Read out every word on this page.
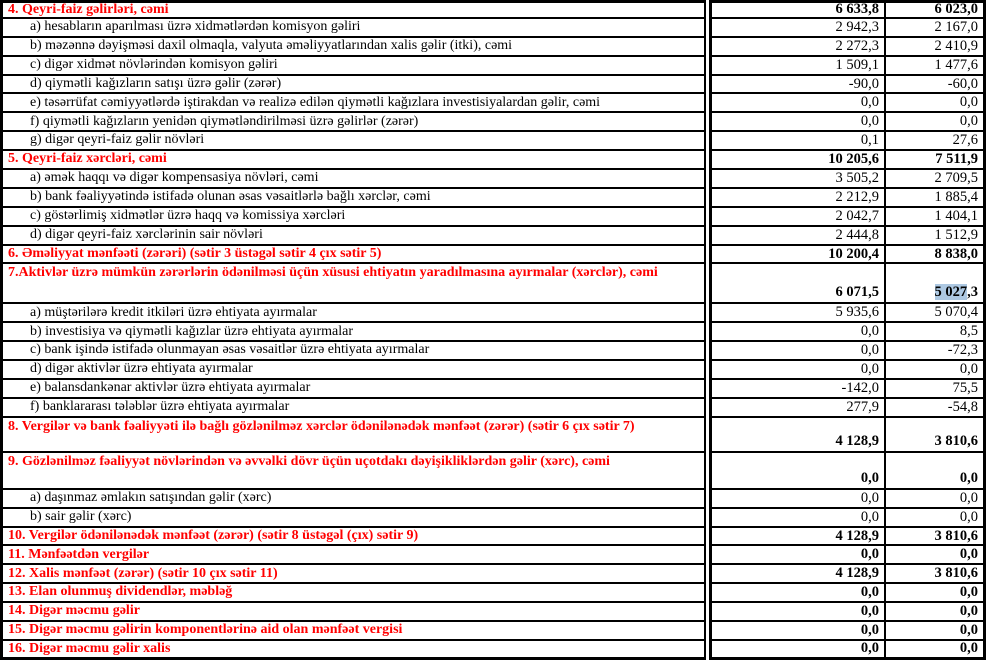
4. Qeyri-faiz gəlirləri, cəmi	6 633,8	6 023,0
a) hesabların aparılması üzrə xidmətlərdən komisyon gəliri	2 942,3	2 167,0
b) məzənnə dəyişməsi daxil olmaqla, valyuta əməliyyatlarından xalis gəlir (itki), cəmi	2 272,3	2 410,9
c) digər xidmət növlərindən komisyon gəliri	1 509,1	1 477,6
d) qiymətli kağızların satışı üzrə gəlir (zərər)	-90,0	-60,0
e) təsərrüfat cəmiyyətlərdə iştirakdan və realizə edilən qiymətli kağızlara investisiyalardan gəlir, cəmi	0,0	0,0
f) qiymətli kağızların yenidən qiymətləndirilməsi üzrə gəlirlər (zərər)	0,0	0,0
g) digər qeyri-faiz gəlir növləri	0,1	27,6
5. Qeyri-faiz xərcləri, cəmi	10 205,6	7 511,9
a) əmək haqqı və digər kompensasiya növləri, cəmi	3 505,2	2 709,5
b) bank fəaliyyətində istifadə olunan əsas vəsaitlərlə bağlı xərclər, cəmi	2 212,9	1 885,4
c) göstərlimiş xidmətlər üzrə haqq və komissiya xərcləri	2 042,7	1 404,1
d) digər qeyri-faiz xərclərinin sair növləri	2 444,8	1 512,9
6. Əməliyyat mənfəəti (zərəri) (sətir 3 üstəgəl sətir 4 çıx sətir 5)	10 200,4	8 838,0
7.Aktivlər üzrə mümkün zərərlərin ödənilməsi üçün xüsusi ehtiyatın yaradılmasına ayırmalar (xərclər), cəmi
6 071,5	5 027 ,3
a) müştərilərə kredit itkiləri üzrə ehtiyata ayırmalar	5 935,6	5 070,4
b) investisiya və qiymətli kağızlar üzrə ehtiyata ayırmalar	0,0	8,5
c) bank işində istifadə olunmayan əsas vəsaitlər üzrə ehtiyata ayırmalar	0,0	-72,3
d) digər aktivlər üzrə ehtiyata ayırmalar	0,0	0,0
e) balansdankənar aktivlər üzrə ehtiyata ayırmalar	-142,0	75,5
f) banklararası tələblər üzrə ehtiyata ayırmalar	277,9	-54,8
8. Vergilər və bank fəaliyyəti ilə bağlı gözlənilməz xərclər ödənilənədək mənfəət (zərər) (sətir 6 çıx sətir 7)
4 128,9	3 810,6
9. Gözlənilməz fəaliyyət növlərindən və əvvəlki dövr üçün uçotdakı dəyişikliklərdən gəlir (xərc), cəmi
0,0	0,0
a) daşınmaz əmlakın satışından gəlir (xərc)	0,0	0,0
b) sair gəlir (xərc)	0,0	0,0
10. Vergilər ödənilənədək mənfəət (zərər) (sətir 8 üstəgəl (çıx) sətir 9)	4 128,9	3 810,6
11. Mənfəətdən vergilər	0,0	0,0
12. Xalis mənfəət (zərər) (sətir 10 çıx sətir 11)	4 128,9	3 810,6
13. Elan olunmuş dividendlər, məbləğ	0,0	0,0
14. Digər məcmu gəlir	0,0	0,0
15. Digər məcmu gəlirin komponentlərinə aid olan mənfəət vergisi	0,0	0,0
16. Digər məcmu gəlir xalis	0,0	0,0
